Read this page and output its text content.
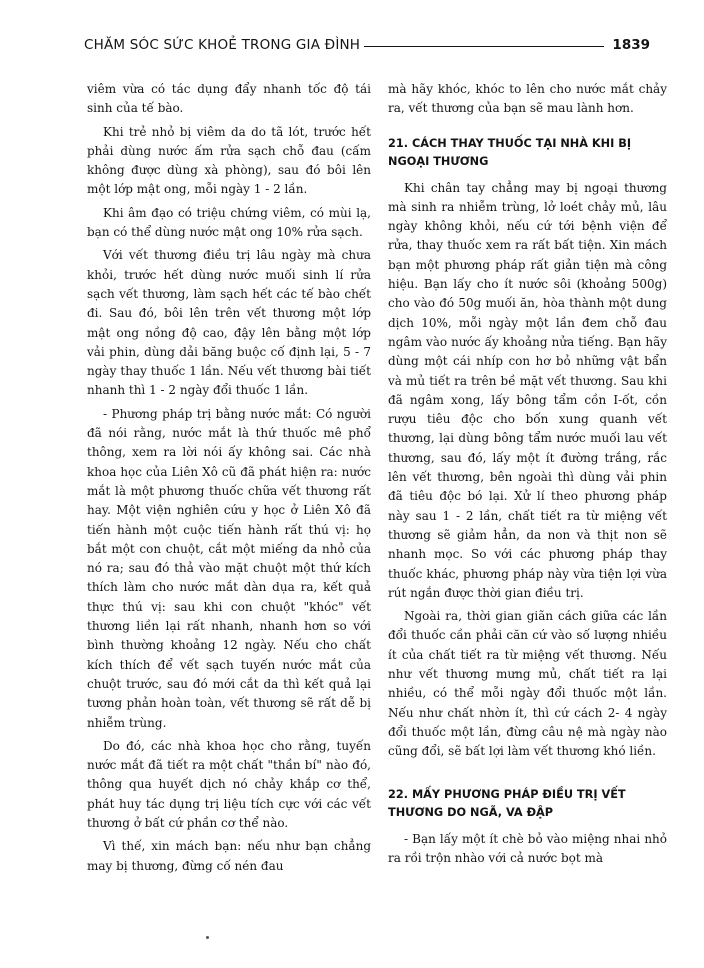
CHĂM SÓC SỨC KHOẺ TRONG GIA ĐÌNH	1839

viêm vừa có tác dụng đẩy nhanh tốc độ tái sinh của tế bào.

Khi trẻ nhỏ bị viêm da do tã lót, trước hết phải dùng nước ấm rửa sạch chỗ đau (cấm không được dùng xà phòng), sau đó bôi lên một lớp mật ong, mỗi ngày 1 - 2 lần.

Khi âm đạo có triệu chứng viêm, có mùi lạ, bạn có thể dùng nước mật ong 10% rửa sạch.

Với vết thương điều trị lâu ngày mà chưa khỏi, trước hết dùng nước muối sinh lí rửa sạch vết thương, làm sạch hết các tế bào chết đi. Sau đó, bôi lên trên vết thương một lớp mật ong nồng độ cao, đậy lên bằng một lớp vải phin, dùng dải băng buộc cố định lại, 5 - 7 ngày thay thuốc 1 lần. Nếu vết thương bài tiết nhanh thì 1 - 2 ngày đổi thuốc 1 lần.

- Phương pháp trị bằng nước mắt: Có người đã nói rằng, nước mắt là thứ thuốc mê phổ thông, xem ra lời nói ấy không sai. Các nhà khoa học của Liên Xô cũ đã phát hiện ra: nước mắt là một phương thuốc chữa vết thương rất hay. Một viện nghiên cứu y học ở Liên Xô đã tiến hành một cuộc tiến hành rất thú vị: họ bắt một con chuột, cắt một miếng da nhỏ của nó ra; sau đó thả vào mặt chuột một thứ kích thích làm cho nước mắt dàn dụa ra, kết quả thực thú vị: sau khi con chuột "khóc" vết thương liền lại rất nhanh, nhanh hơn so với bình thường khoảng 12 ngày. Nếu cho chất kích thích để vết sạch tuyến nước mắt của chuột trước, sau đó mới cắt da thì kết quả lại tương phản hoàn toàn, vết thương sẽ rất dễ bị nhiễm trùng.

Do đó, các nhà khoa học cho rằng, tuyến nước mắt đã tiết ra một chất "thần bí" nào đó, thông qua huyết dịch nó chảy khắp cơ thể, phát huy tác dụng trị liệu tích cực với các vết thương ở bất cứ phần cơ thể nào.

Vì thế, xin mách bạn: nếu như bạn chẳng may bị thương, đừng cố nén đau

mà hãy khóc, khóc to lên cho nước mắt chảy ra, vết thương của bạn sẽ mau lành hơn.

21. CÁCH THAY THUỐC TẠI NHÀ KHI BỊ NGOẠI THƯƠNG

Khi chân tay chẳng may bị ngoại thương mà sinh ra nhiễm trùng, lở loét chảy mủ, lâu ngày không khỏi, nếu cứ tới bệnh viện để rửa, thay thuốc xem ra rất bất tiện. Xin mách bạn một phương pháp rất giản tiện mà công hiệu. Bạn lấy cho ít nước sôi (khoảng 500g) cho vào đó 50g muối ăn, hòa thành một dung dịch 10%, mỗi ngày một lần đem chỗ đau ngâm vào nước ấy khoảng nửa tiếng. Bạn hãy dùng một cái nhíp con hơ bỏ những vật bẩn và mủ tiết ra trên bề mặt vết thương. Sau khi đã ngâm xong, lấy bông tẩm cồn I-ốt, cồn rượu tiêu độc cho bốn xung quanh vết thương, lại dùng bông tẩm nước muối lau vết thương, sau đó, lấy một ít đường trắng, rắc lên vết thương, bên ngoài thì dùng vải phin đã tiêu độc bó lại. Xử lí theo phương pháp này sau 1 - 2 lần, chất tiết ra từ miệng vết thương sẽ giảm hẳn, da non và thịt non sẽ nhanh mọc. So với các phương pháp thay thuốc khác, phương pháp này vừa tiện lợi vừa rút ngắn được thời gian điều trị.

Ngoài ra, thời gian giãn cách giữa các lần đổi thuốc cần phải căn cứ vào số lượng nhiều ít của chất tiết ra từ miệng vết thương. Nếu như vết thương mưng mủ, chất tiết ra lại nhiều, có thể mỗi ngày đổi thuốc một lần. Nếu như chất nhờn ít, thì cứ cách 2- 4 ngày đổi thuốc một lần, đừng câu nệ mà ngày nào cũng đổi, sẽ bất lợi làm vết thương khó liền.

22. MẤY PHƯƠNG PHÁP ĐIỀU TRỊ VẾT THƯƠNG DO NGÃ, VA ĐẬP

- Bạn lấy một ít chè bỏ vào miệng nhai nhỏ ra rồi trộn nhào với cả nước bọt mà
